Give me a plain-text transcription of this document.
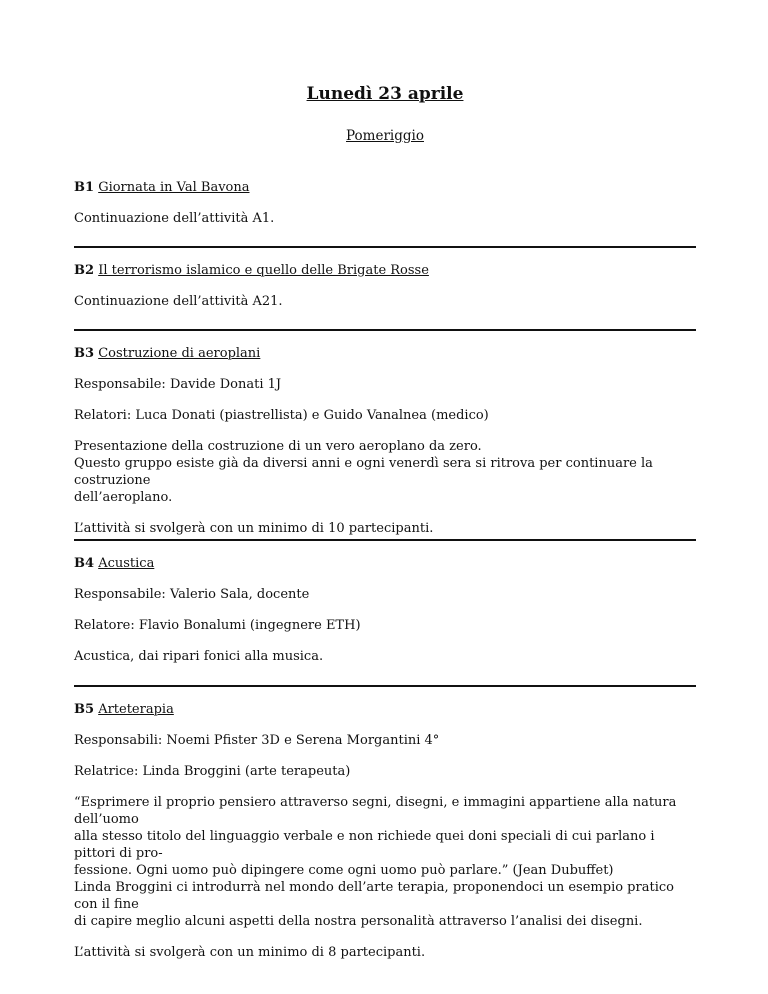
Lunedì 23 aprile
Pomeriggio

B1 Giornata in Val Bavona

Continuazione dell’attività A1.

B2 Il terrorismo islamico e quello delle Brigate Rosse

Continuazione dell’attività A21.

B3 Costruzione di aeroplani

Responsabile: Davide Donati 1J

Relatori: Luca Donati (piastrellista) e Guido Vanalnea (medico)

Presentazione della costruzione di un vero aeroplano da zero.
Questo gruppo esiste già da diversi anni e ogni venerdì sera si ritrova per continuare la costruzione
dell’aeroplano.

L’attività si svolgerà con un minimo di 10 partecipanti.

B4 Acustica

Responsabile: Valerio Sala, docente

Relatore: Flavio Bonalumi (ingegnere ETH)

Acustica, dai ripari fonici alla musica.

B5 Arteterapia

Responsabili: Noemi Pfister 3D e Serena Morgantini 4°

Relatrice: Linda Broggini (arte terapeuta)

“Esprimere il proprio pensiero attraverso segni, disegni, e immagini appartiene alla natura dell’uomo
alla stesso titolo del linguaggio verbale e non richiede quei doni speciali di cui parlano i pittori di pro-
fessione. Ogni uomo può dipingere come ogni uomo può parlare.” (Jean Dubuffet)
Linda Broggini ci introdurrà nel mondo dell’arte terapia, proponendoci un esempio pratico con il fine
di capire meglio alcuni aspetti della nostra personalità attraverso l’analisi dei disegni.

L’attività si svolgerà con un minimo di 8 partecipanti.
